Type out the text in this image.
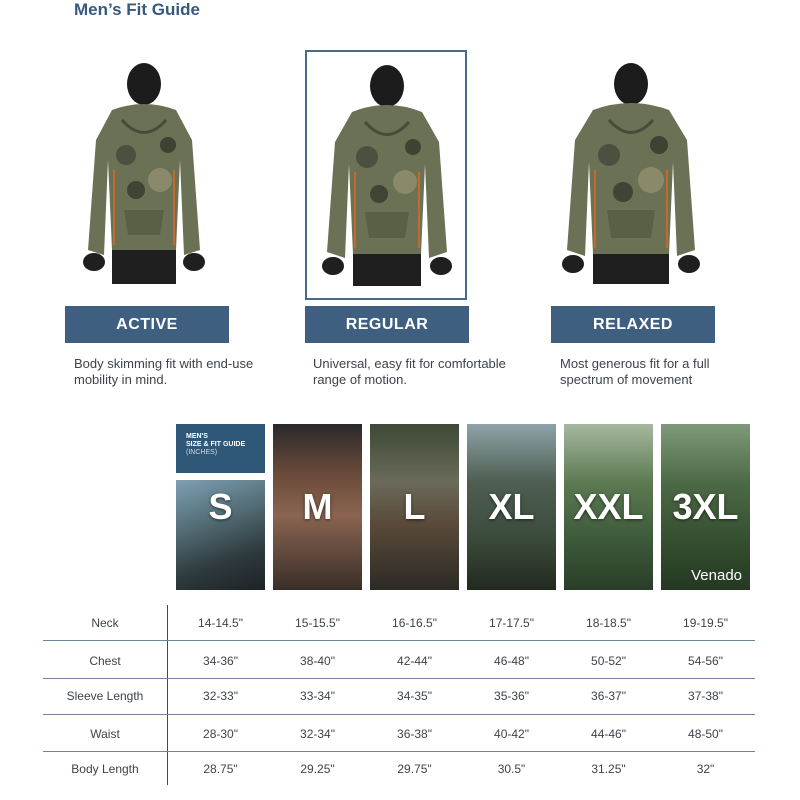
Men’s Fit Guide
ACTIVE	REGULAR	RELAXED
Body skimming fit with end-use mobility in mind.
Universal, easy fit for comfortable range of motion.
Most generous fit for a full spectrum of movement
MEN'S
SIZE & FIT GUIDE
(INCHES)
S	M	L	XL	XXL 3XL
Venado
Neck	14-14.5"	15-15.5"	16-16.5"	17-17.5"	18-18.5"	19-19.5"
Chest	34-36"	38-40"	42-44"	46-48"	50-52"	54-56"
Sleeve Length	32-33"	33-34"	34-35"	35-36"	36-37"	37-38"
Waist	28-30"	32-34"	36-38"	40-42"	44-46"	48-50"
Body Length	28.75"	29.25"	29.75"	30.5"	31.25"	32"
